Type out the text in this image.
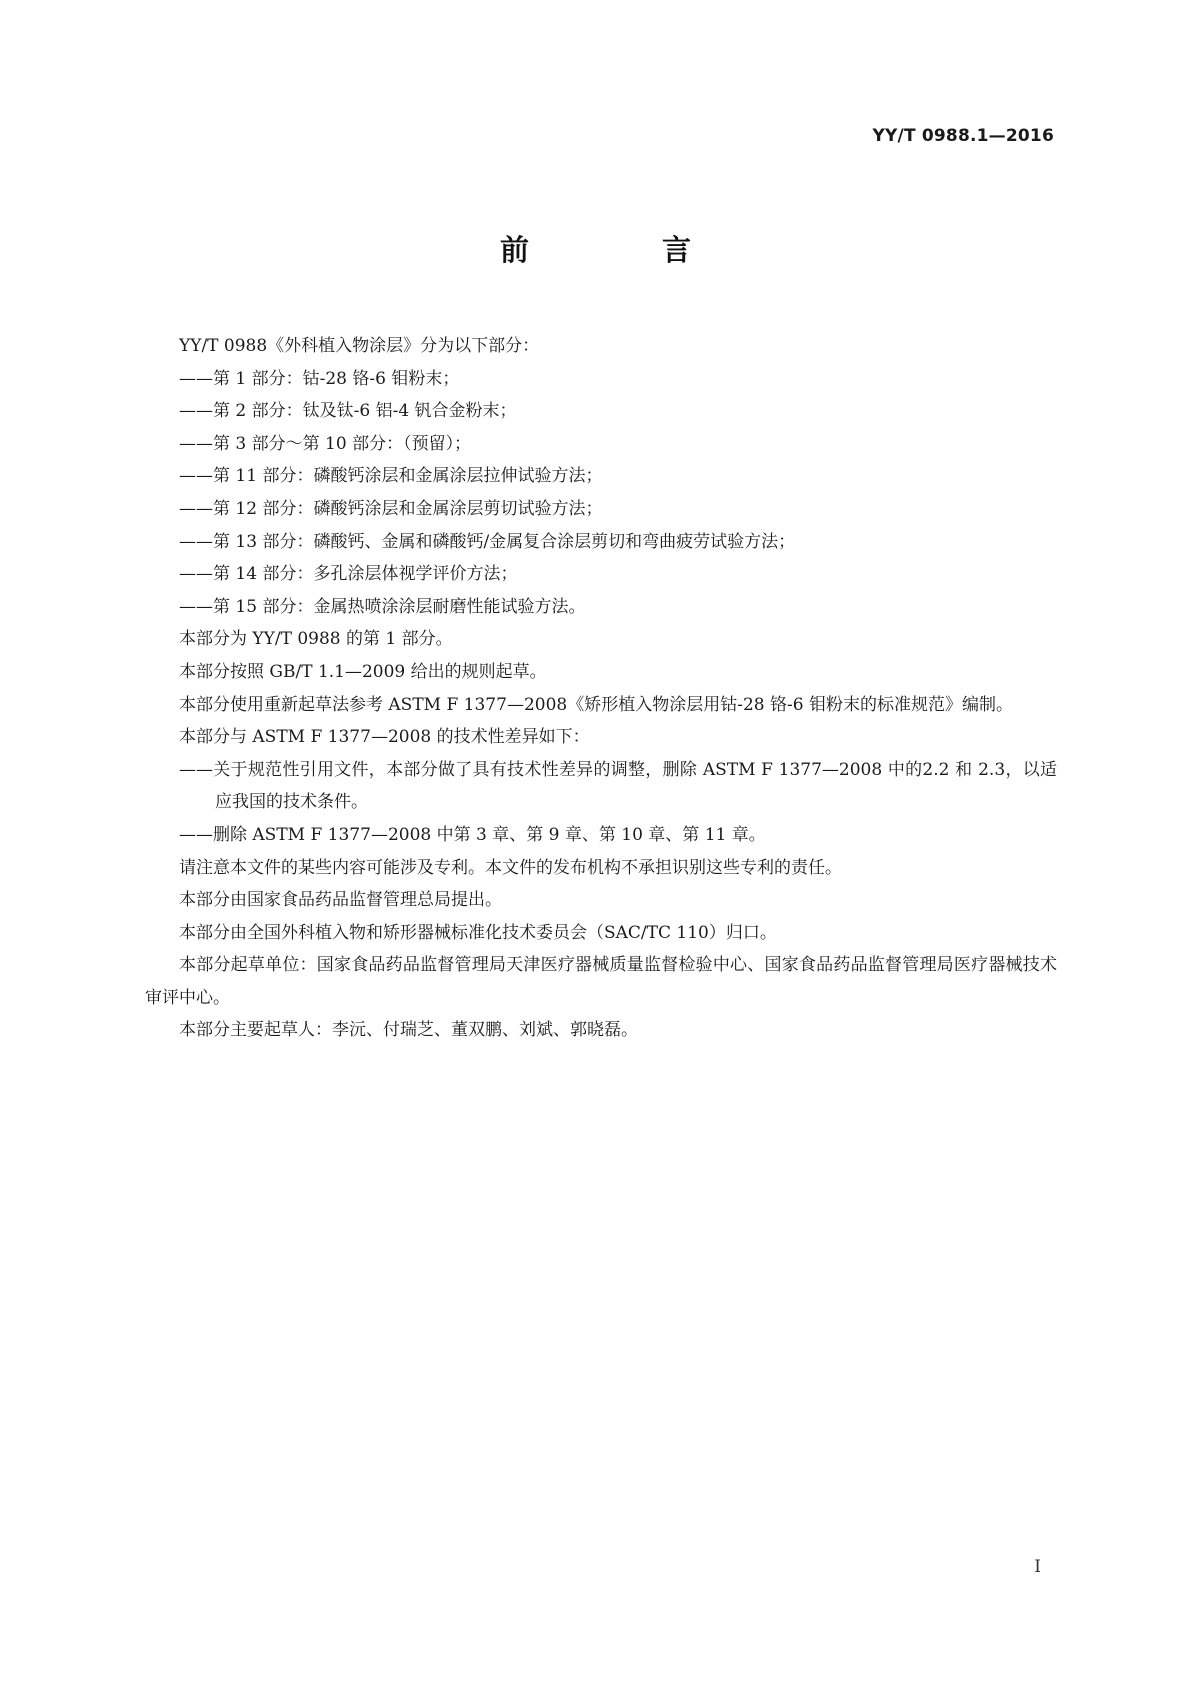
YY/T 0988.1—2016
前　言

YY/T 0988《外科植入物涂层》分为以下部分：

——第 1 部分：钴-28 铬-6 钼粉末；

——第 2 部分：钛及钛-6 铝-4 钒合金粉末；

——第 3 部分～第 10 部分：（预留）；

——第 11 部分：磷酸钙涂层和金属涂层拉伸试验方法；

——第 12 部分：磷酸钙涂层和金属涂层剪切试验方法；

——第 13 部分：磷酸钙、金属和磷酸钙/金属复合涂层剪切和弯曲疲劳试验方法；

——第 14 部分：多孔涂层体视学评价方法；

——第 15 部分：金属热喷涂涂层耐磨性能试验方法。

本部分为 YY/T 0988 的第 1 部分。

本部分按照 GB/T 1.1—2009 给出的规则起草。

本部分使用重新起草法参考 ASTM F 1377—2008《矫形植入物涂层用钴-28 铬-6 钼粉末的标准规范》编制。

本部分与 ASTM F 1377—2008 的技术性差异如下：

——关于规范性引用文件，本部分做了具有技术性差异的调整，删除 ASTM F 1377—2008 中的2.2 和 2.3，以适应我国的技术条件。

——删除 ASTM F 1377—2008 中第 3 章、第 9 章、第 10 章、第 11 章。

请注意本文件的某些内容可能涉及专利。本文件的发布机构不承担识别这些专利的责任。

本部分由国家食品药品监督管理总局提出。

本部分由全国外科植入物和矫形器械标准化技术委员会（SAC/TC 110）归口。

本部分起草单位：国家食品药品监督管理局天津医疗器械质量监督检验中心、国家食品药品监督管理局医疗器械技术审评中心。

本部分主要起草人：李沅、付瑞芝、董双鹏、刘斌、郭晓磊。

I
